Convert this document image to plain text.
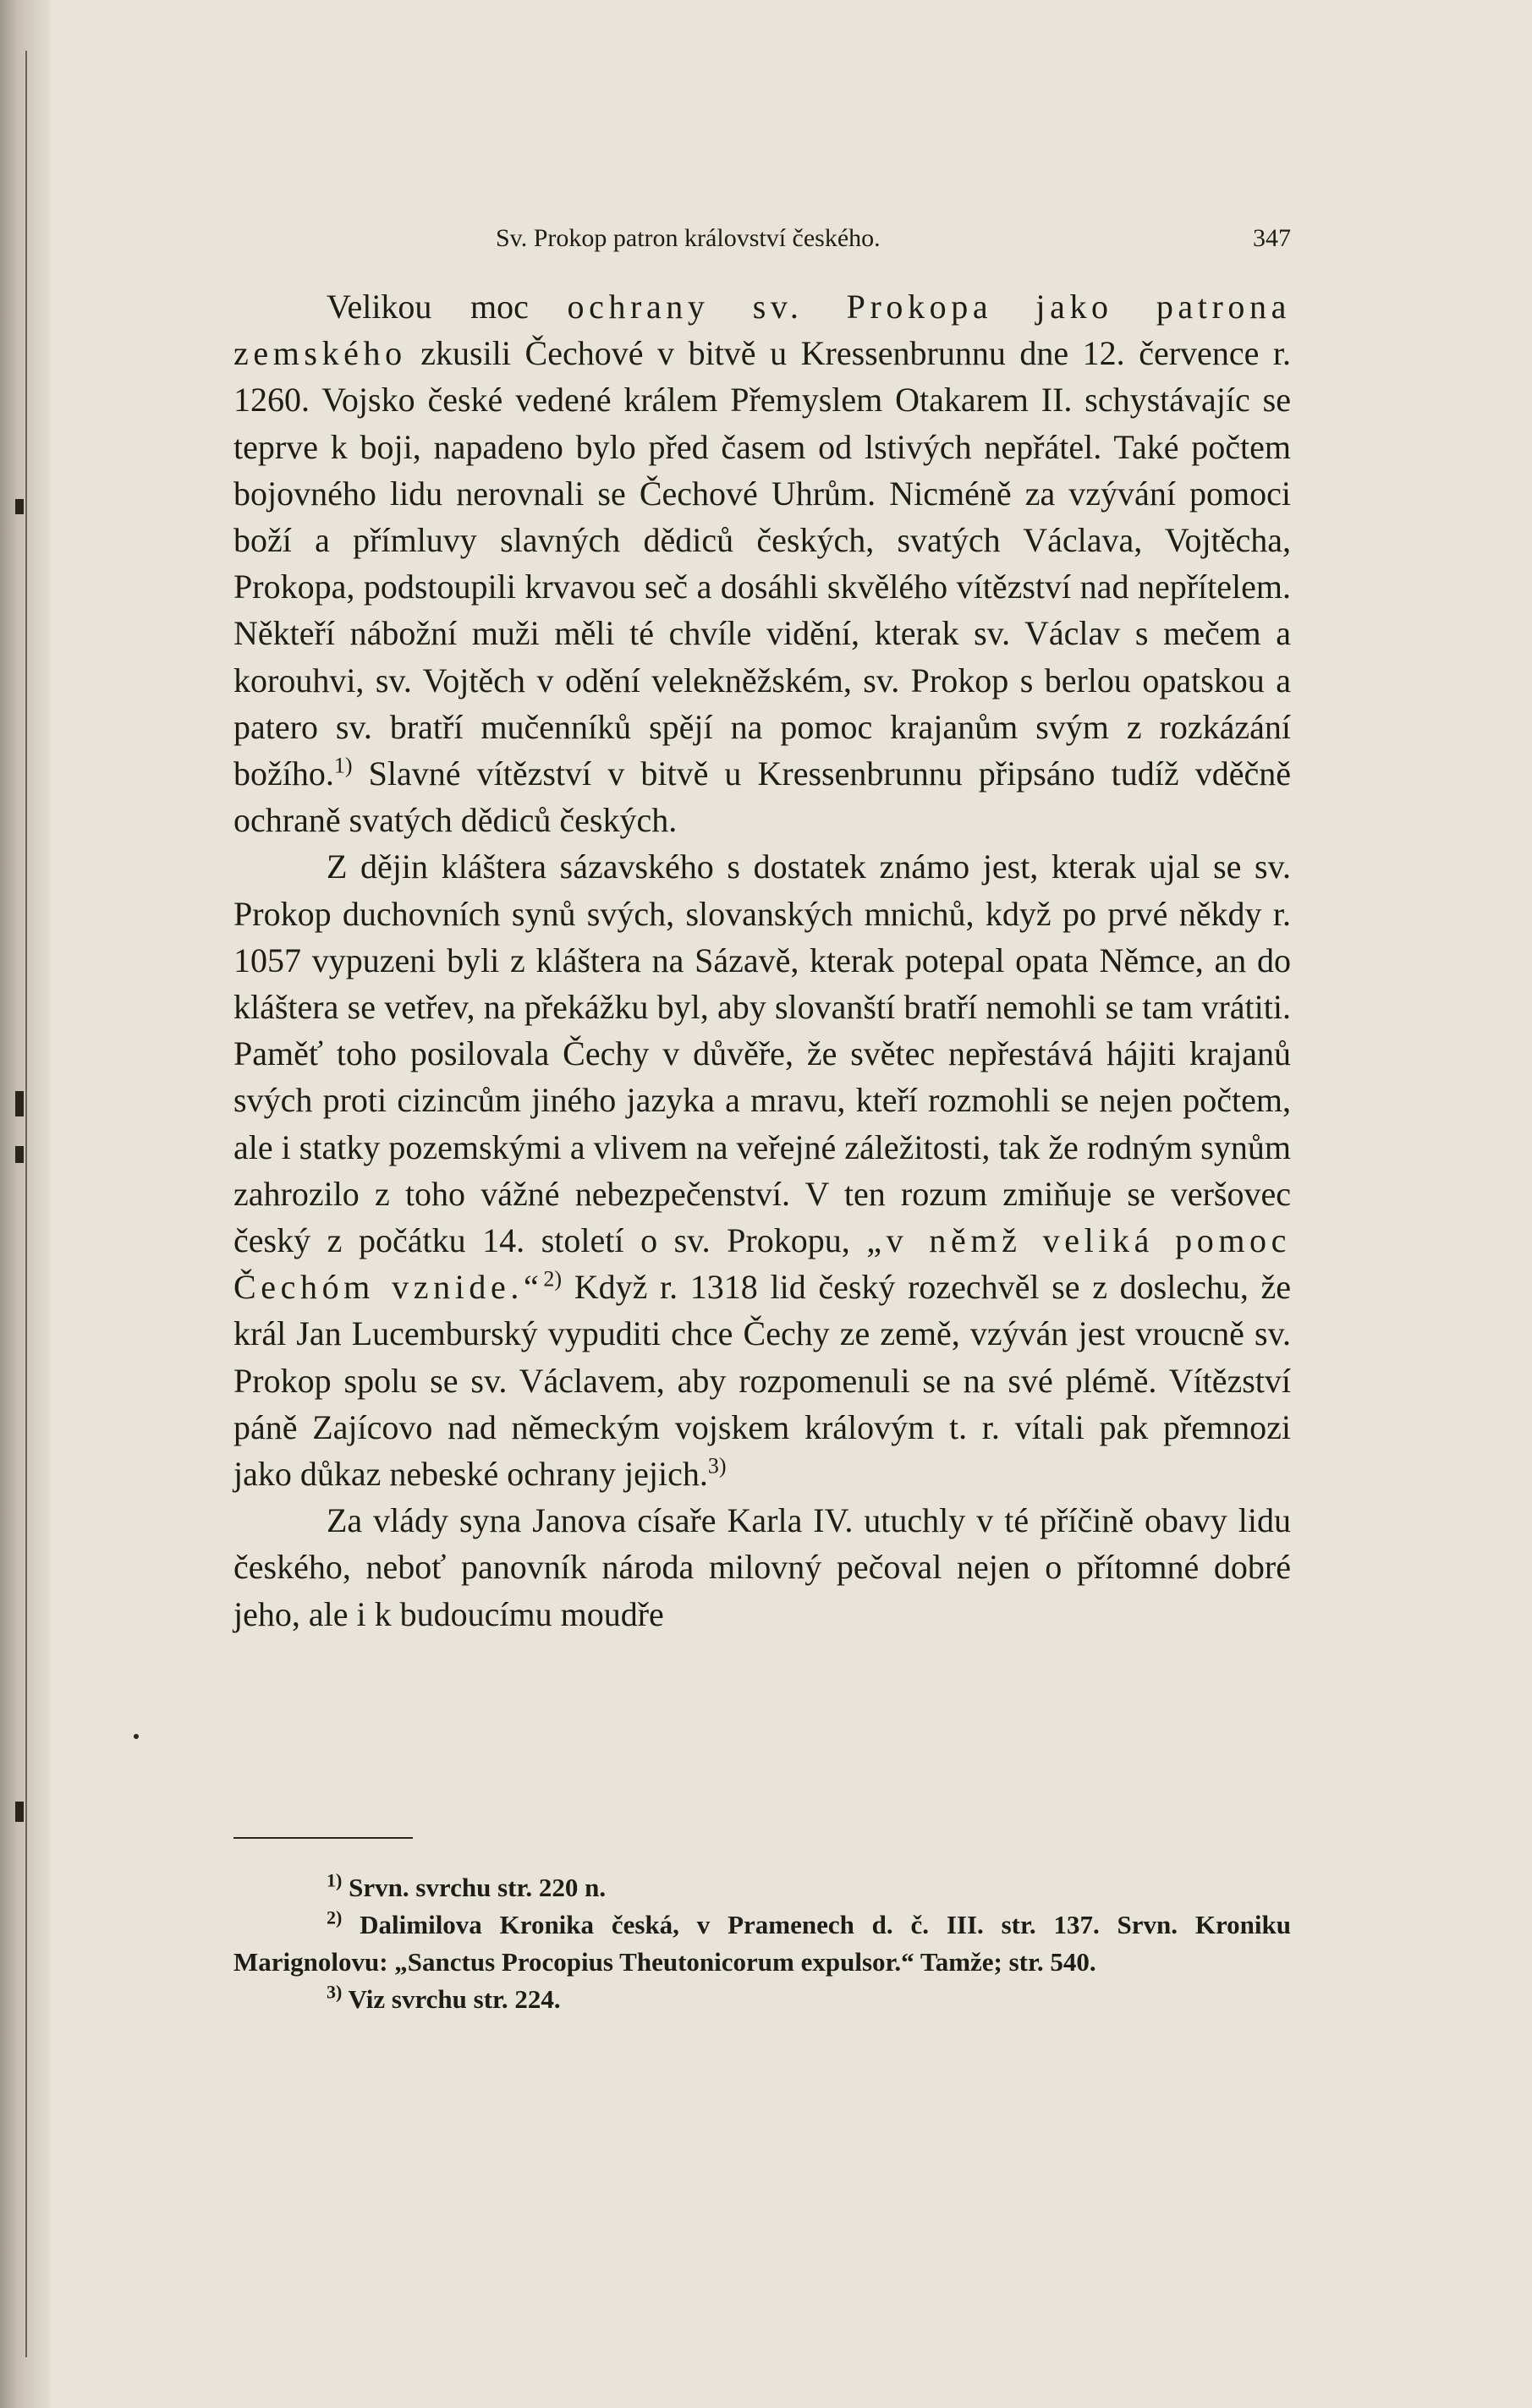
Sv. Prokop patron království českého.	347

Velikou moc ochrany sv. Prokopa jako patrona zemského zkusili Čechové v bitvě u Kressenbrunnu dne 12. července r. 1260. Vojsko české vedené králem Přemyslem Otakarem II. schystávajíc se teprve k boji, napadeno bylo před časem od lstivých nepřátel. Také počtem bojovného lidu nerovnali se Čechové Uhrům. Nicméně za vzývání pomoci boží a přímluvy slavných dědiců českých, svatých Václava, Vojtěcha, Prokopa, podstoupili krvavou seč a dosáhli skvělého vítězství nad nepřítelem. Někteří nábožní muži měli té chvíle vidění, kterak sv. Václav s mečem a korouhvi, sv. Vojtěch v odění velekněžském, sv. Prokop s berlou opatskou a patero sv. bratří mučenníků spějí na pomoc krajanům svým z rozkázání božího.$^{1)}$ Slavné vítězství v bitvě u Kressenbrunnu připsáno tudíž vděčně ochraně svatých dědiců českých.

Z dějin kláštera sázavského s dostatek známo jest, kterak ujal se sv. Prokop duchovních synů svých, slovanských mnichů, když po prvé někdy r. 1057 vypuzeni byli z kláštera na Sázavě, kterak potepal opata Němce, an do kláštera se vetřev, na překážku byl, aby slovanští bratří nemohli se tam vrátiti. Paměť toho posilovala Čechy v důvěře, že světec nepřestává hájiti krajanů svých proti cizincům jiného jazyka a mravu, kteří rozmohli se nejen počtem, ale i statky pozemskými a vlivem na veřejné záležitosti, tak že rodným synům zahrozilo z toho vážné nebezpečenství. V ten rozum zmiňuje se veršovec český z počátku 14. století o sv. Prokopu, „v němž veliká pomoc Čechóm vznide.“$^{2)}$ Když r. 1318 lid český rozechvěl se z doslechu, že král Jan Lucemburský vypuditi chce Čechy ze země, vzýván jest vroucně sv. Prokop spolu se sv. Václavem, aby rozpomenuli se na své plémě. Vítězství páně Zajícovo nad německým vojskem královým t. r. vítali pak přemnozi jako důkaz nebeské ochrany jejich.$^{3)}$

Za vlády syna Janova císaře Karla IV. utuchly v té příčině obavy lidu českého, neboť panovník národa milovný pečoval nejen o přítomné dobré jeho, ale i k budoucímu moudře

$^{1)}$ Srvn. svrchu str. 220 n.

$^{2)}$ Dalimilova Kronika česká, v Pramenech d. č. III. str. 137. Srvn. Kroniku Marignolovu: „Sanctus Procopius Theutonicorum expulsor.“ Tamže; str. 540.

$^{3)}$ Viz svrchu str. 224.
